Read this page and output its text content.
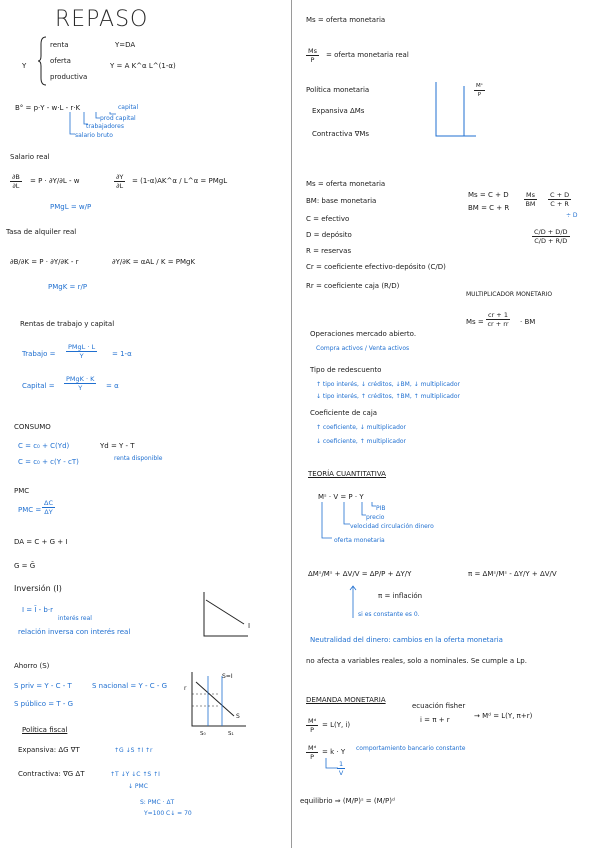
REPASO
Y
renta
oferta
productiva
Y=DA
Y = A K^α L^(1-α)
B° = p·Y - w·L - r·K	capital
prod capital
trabajadores
salario bruto
Salario real
$\frac{\partial B}{\partial L} = P \cdot \partial Y/\partial L - w$
PMgL = w/P
$\frac{\partial Y}{\partial L}$ = (1-α)AK^α / L^α = PMgL
Tasa de alquiler real
∂B/∂K = P · ∂Y/∂K - r
PMgK = r/P
∂Y/∂K = αAL / K = PMgK
Rentas de trabajo y capital
Trabajo =
PMgL · L
Y	= 1-α
Capital =
PMgK · K
Y	= α
CONSUMO
C = c₀ + C(Yd)
C = c₀ + c(Y - cT)
Yd = Y - T
renta disponible
PMC
PMC = $\frac{\Delta C}{\Delta Y}$
DA = C + G + I
G = Ḡ
Inversión (I)
I = Ī - b·r
interés real
relación inversa con interés real
I
Ahorro (S)
S priv = Y - C - T
S público = T - G
S nacional = Y - C - G
S=I
r
S
S₀	S₁
Política fiscal
Expansiva: ΔG ∇T	↑G ↓S ↑I ↑r
Contractiva: ∇G ΔT	↑T ↓Y ↓C ↑S ↑I
↓ PMC
S: PMC · ΔT
Y=100 C↓ = 70
Ms = oferta monetaria
$\frac{Ms}{P}$ = oferta monetaria real
Política monetaria
Expansiva ΔMs
Contractiva ∇Ms
$\frac{\text{Mˢ}}{P}$
Ms = oferta monetaria
BM: base monetaria
C = efectivo
D = depósito
R = reservas
Cr = coeficiente efectivo-depósito (C/D)
Rr = coeficiente caja (R/D)
Ms = C + D
BM = C + R $\frac{Ms}{BM} \frac{C + D}{C + R}$
÷ D
$\frac{C/D + D/D}{C/D + R/D}$
MULTIPLICADOR MONETARIO
$Ms = \frac{cr + 1}{cr + rr}$ · BM
Operaciones mercado abierto.
Compra activos / Venta activos
Tipo de redescuento
↑ tipo interés, ↓ créditos, ↓BM, ↓ multiplicador
↓ tipo interés, ↑ créditos, ↑BM, ↑ multiplicador
Coeficiente de caja
↑ coeficiente, ↓ multiplicador
↓ coeficiente, ↑ multiplicador
TEORÍA CUANTITATIVA
Mˢ · V = P · Y
PIB
precio
velocidad circulación dinero
oferta monetaria
ΔMˢ/Mˢ + ΔV/V = ΔP/P + ΔY/Y	π = ΔMˢ/Mˢ - ΔY/Y + ΔV/V
π = inflación
si es constante es 0.
Neutralidad del dinero: cambios en la oferta monetaria
no afecta a variables reales, solo a nominales. Se cumple a Lp.
DEMANDA MONETARIA
$\frac{\text{Mᵈ}}{P} = L(Y$, i)
ecuación fisher
i = π + r	→ Mᵈ = L(Y, π+r)
$\frac{\text{Mᵈ}}{P} = k \cdot Y$ comportamiento bancario constante
$\frac{1}{V}$
equilibrio ⇒ (M/P)ˢ = (M/P)ᵈ
